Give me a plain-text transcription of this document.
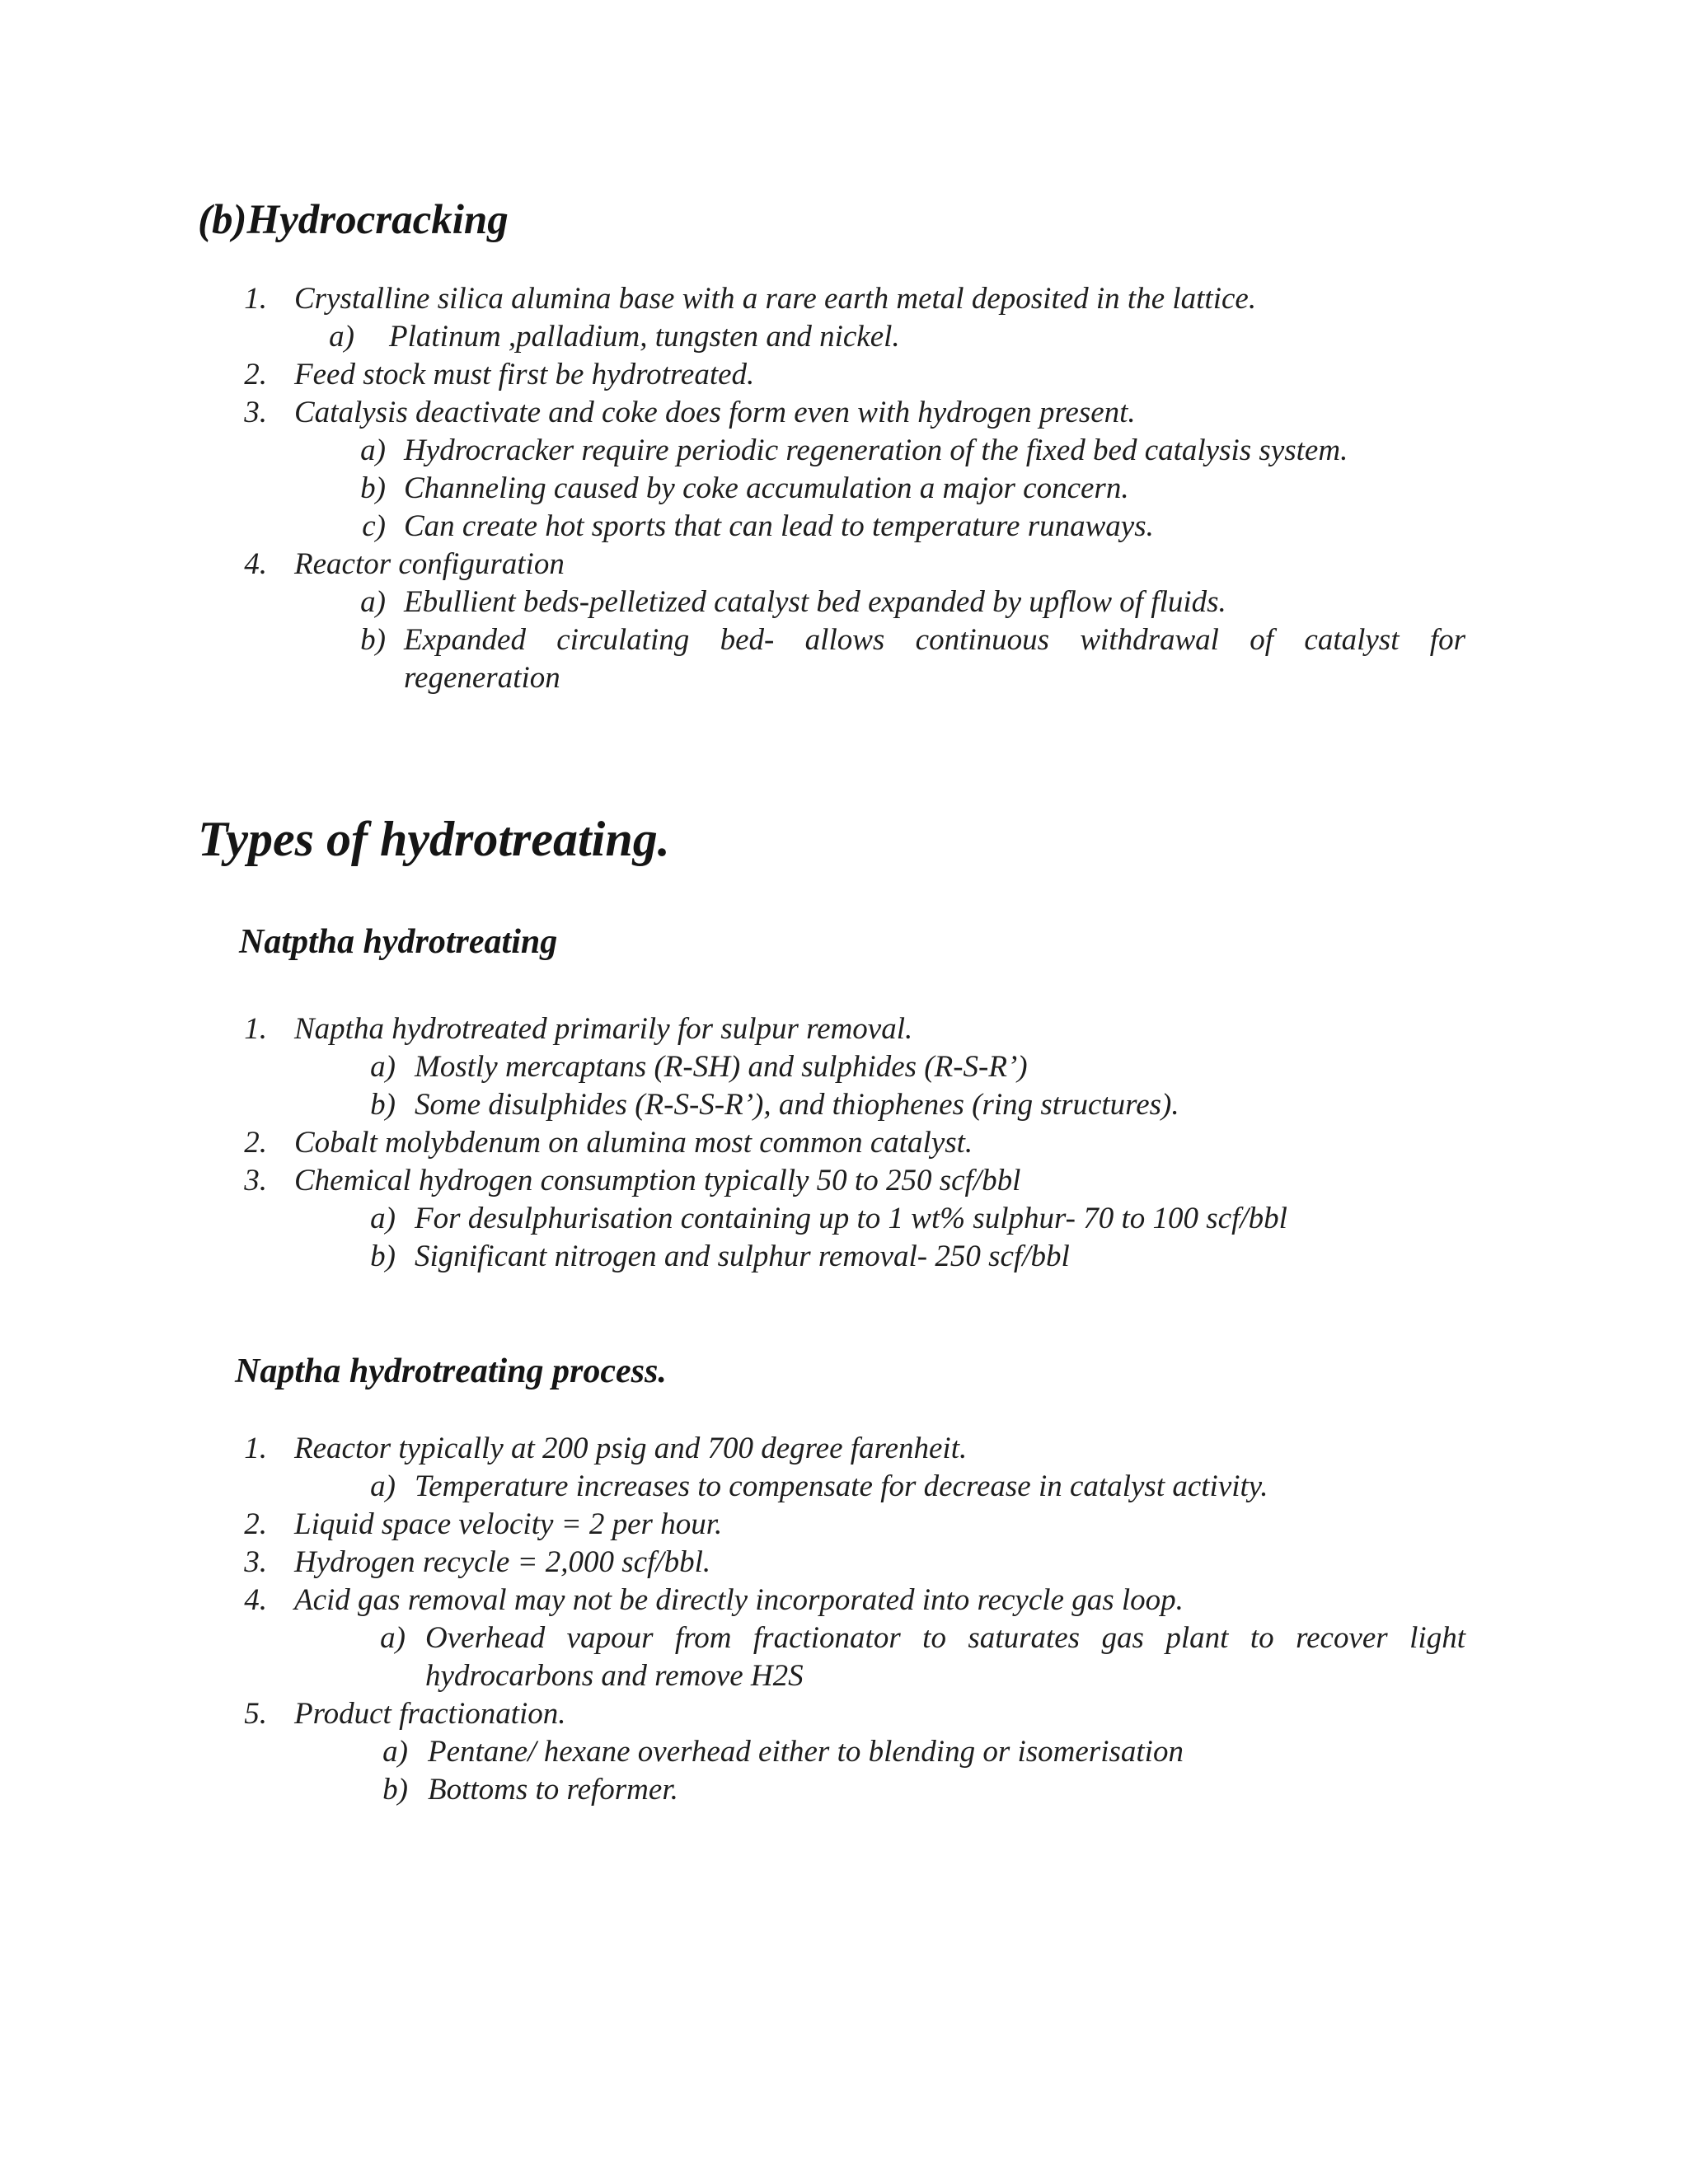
(b)Hydrocracking
1. Crystalline silica alumina base with a rare earth metal deposited in the lattice.
a) Platinum ,palladium, tungsten and nickel.
2. Feed stock must first be hydrotreated.
3. Catalysis deactivate and coke does form even with hydrogen present.
a) Hydrocracker require periodic regeneration of the fixed bed catalysis system.
b) Channeling caused by coke accumulation a major concern.
c) Can create hot sports that can lead to temperature runaways.
4. Reactor configuration
a) Ebullient beds-pelletized catalyst bed expanded by upflow of fluids.
b) Expanded circulating bed- allows continuous withdrawal of catalyst for
regeneration
Types of hydrotreating.
Natptha hydrotreating
1. Naptha hydrotreated primarily for sulpur removal.
a) Mostly mercaptans (R-SH) and sulphides (R-S-R’)
b) Some disulphides (R-S-S-R’), and thiophenes (ring structures).
2. Cobalt molybdenum on alumina most common catalyst.
3. Chemical hydrogen consumption typically 50 to 250 scf/bbl
a) For desulphurisation containing up to 1 wt% sulphur- 70 to 100 scf/bbl
b) Significant nitrogen and sulphur removal- 250 scf/bbl
Naptha hydrotreating process.
1. Reactor typically at 200 psig and 700 degree farenheit.
a) Temperature increases to compensate for decrease in catalyst activity.
2. Liquid space velocity = 2 per hour.
3. Hydrogen recycle = 2,000 scf/bbl.
4. Acid gas removal may not be directly incorporated into recycle gas loop.
a) Overhead vapour from fractionator to saturates gas plant to recover light
hydrocarbons and remove H2S
5. Product fractionation.
a) Pentane/ hexane overhead either to blending or isomerisation
b) Bottoms to reformer.
